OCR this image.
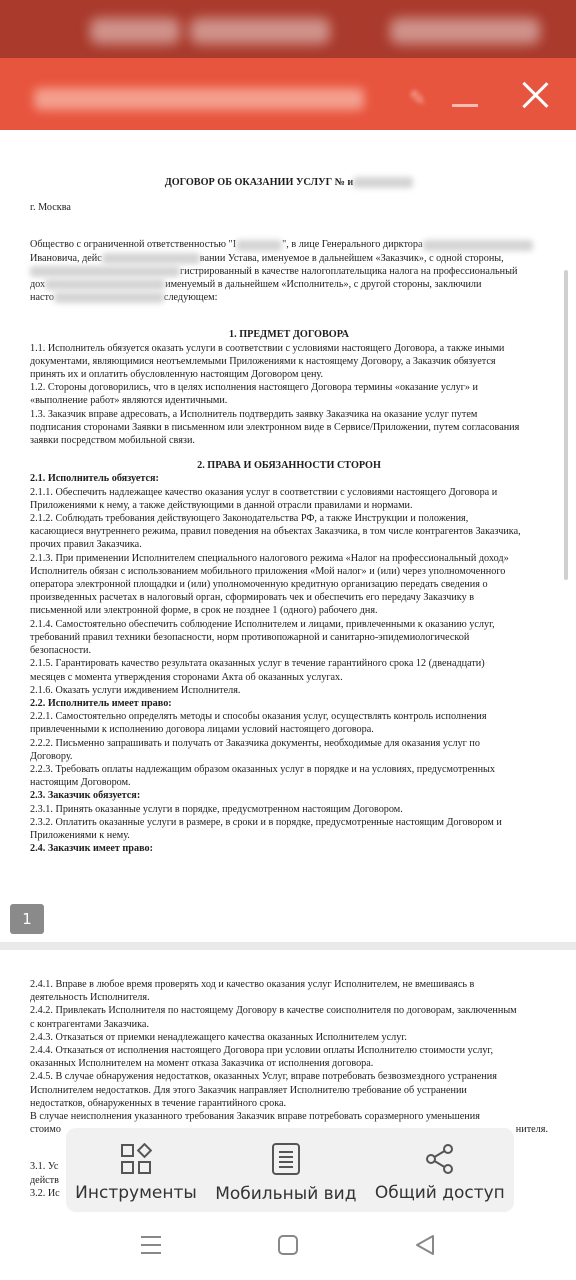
✎

ДОГОВОР ОБ ОКАЗАНИИ УСЛУГ № и

г. Москва

Общество с ограниченной ответственностью "I	", в лице Генерального дирктора

Ивановича, дейс	вании Устава, именуемое в дальнейшем «Заказчик», с одной стороны,

гистрированный в качестве налогоплательщика налога на профессиональный

дох	именуемый в дальнейшем «Исполнитель», с другой стороны, заключили

насто	следующем:

1. ПРЕДМЕТ ДОГОВОРА

1.1. Исполнитель обязуется оказать услуги в соответствии с условиями настоящего Договора, а также иными

документами, являющимися неотъемлемыми Приложениями к настоящему Договору, а Заказчик обязуется

принять их и оплатить обусловленную настоящим Договором цену.

1.2. Стороны договорились, что в целях исполнения настоящего Договора термины «оказание услуг» и

«выполнение работ» являются идентичными.

1.3. Заказчик вправе адресовать, а Исполнитель подтвердить заявку Заказчика на оказание услуг путем

подписания сторонами Заявки в письменном или электронном виде в Сервисе/Приложении, путем согласования

заявки посредством мобильной связи.

2. ПРАВА И ОБЯЗАННОСТИ СТОРОН

2.1. Исполнитель обязуется:

2.1.1. Обеспечить надлежащее качество оказания услуг в соответствии с условиями настоящего Договора и

Приложениями к нему, а также действующими в данной отрасли правилами и нормами.

2.1.2. Соблюдать требования действующего Законодательства РФ, а также Инструкции и положения,

касающиеся внутреннего режима, правил поведения на объектах Заказчика, в том числе контрагентов Заказчика,

прочих правил Заказчика.

2.1.3. При применении Исполнителем специального налогового режима «Налог на профессиональный доход»

Исполнитель обязан с использованием мобильного приложения «Мой налог» и (или) через уполномоченного

оператора электронной площадки и (или) уполномоченную кредитную организацию передать сведения о

произведенных расчетах в налоговый орган, сформировать чек и обеспечить его передачу Заказчику в

письменной или электронной форме, в срок не позднее 1 (одного) рабочего дня.

2.1.4. Самостоятельно обеспечить соблюдение Исполнителем и лицами, привлеченными к оказанию услуг,

требований правил техники безопасности, норм противопожарной и санитарно-эпидемиологической

безопасности.

2.1.5. Гарантировать качество результата оказанных услуг в течение гарантийного срока 12 (двенадцати)

месяцев с момента утверждения сторонами Акта об оказанных услугах.

2.1.6. Оказать услуги иждивением Исполнителя.

2.2. Исполнитель имеет право:

2.2.1. Самостоятельно определять методы и способы оказания услуг, осуществлять контроль исполнения

привлеченными к исполнению договора лицами условий настоящего договора.

2.2.2. Письменно запрашивать и получать от Заказчика документы, необходимые для оказания услуг по

Договору.

2.2.3. Требовать оплаты надлежащим образом оказанных услуг в порядке и на условиях, предусмотренных

настоящим Договором.

2.3. Заказчик обязуется:

2.3.1. Принять оказанные услуги в порядке, предусмотренном настоящим Договором.

2.3.2. Оплатить оказанные услуги в размере, в сроки и в порядке, предусмотренные настоящим Договором и

Приложениями к нему.

2.4. Заказчик имеет право:

1

2.4.1. Вправе в любое время проверять ход и качество оказания услуг Исполнителем, не вмешиваясь в

деятельность Исполнителя.

2.4.2. Привлекать Исполнителя по настоящему Договору в качестве соисполнителя по договорам, заключенным

с контрагентами Заказчика.

2.4.3. Отказаться от приемки ненадлежащего качества оказанных Исполнителем услуг.

2.4.4. Отказаться от исполнения настоящего Договора при условии оплаты Исполнителю стоимости услуг,

оказанных Исполнителем на момент отказа Заказчика от исполнения договора.

2.4.5. В случае обнаружения недостатков, оказанных Услуг, вправе потребовать безвозмездного устранения

Исполнителем недостатков. Для этого Заказчик направляет Исполнителю требование об устранении

недостатков, обнаруженных в течение гарантийного срока.

В случае неисполнения указанного требования Заказчик вправе потребовать соразмерного уменьшения

стоимо	нителя.

3.1. Ус

действ

3.2. Ис Инструменты Мобильный вид Общий доступ
